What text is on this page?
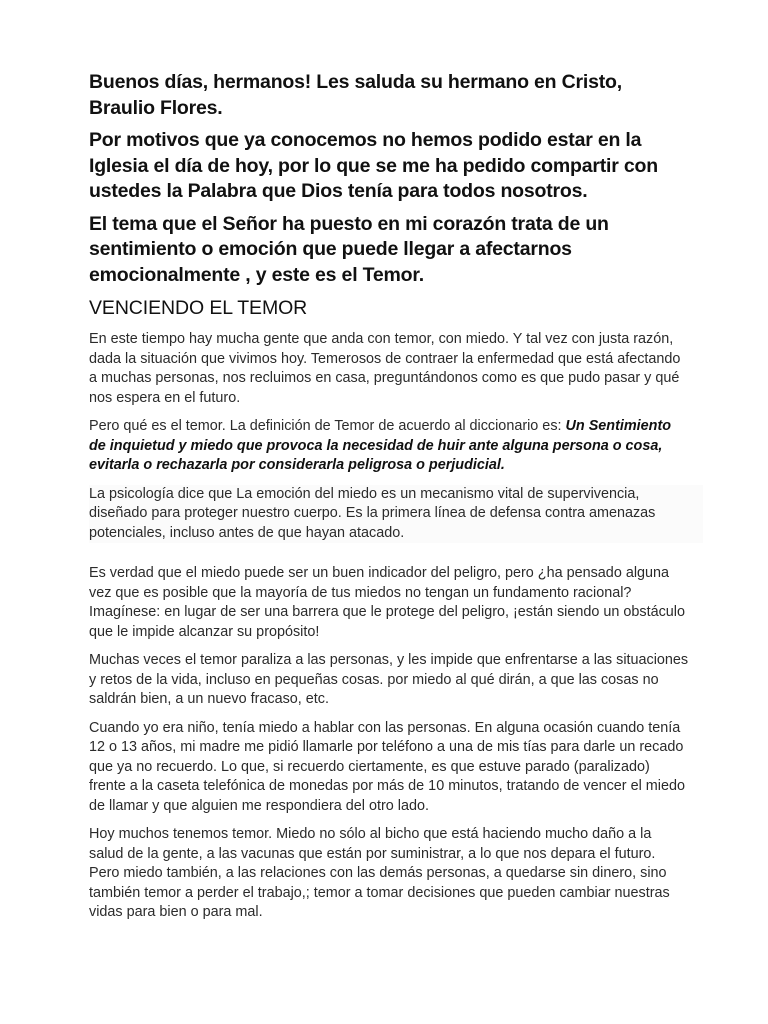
Buenos días, hermanos! Les saluda su hermano en Cristo, Braulio Flores.

Por motivos que ya conocemos no hemos podido estar en la Iglesia el día de hoy, por lo que se me ha pedido compartir con ustedes la Palabra que Dios tenía para todos nosotros.

El tema que el Señor ha puesto en mi corazón trata de un sentimiento o emoción que puede llegar a afectarnos emocionalmente , y este es el Temor.

VENCIENDO EL TEMOR

En este tiempo hay mucha gente que anda con temor, con miedo. Y tal vez con justa razón, dada la situación que vivimos hoy. Temerosos de contraer la enfermedad que está afectando a muchas personas, nos recluimos en casa, preguntándonos como es que pudo pasar y qué nos espera en el futuro.

Pero qué es el temor. La definición de Temor de acuerdo al diccionario es: Un Sentimiento de inquietud y miedo que provoca la necesidad de huir ante alguna persona o cosa, evitarla o rechazarla por considerarla peligrosa o perjudicial.

La psicología dice que La emoción del miedo es un mecanismo vital de supervivencia, diseñado para proteger nuestro cuerpo. Es la primera línea de defensa contra amenazas potenciales, incluso antes de que hayan atacado.

Es verdad que el miedo puede ser un buen indicador del peligro, pero ¿ha pensado alguna vez que es posible que la mayoría de tus miedos no tengan un fundamento racional? Imagínese: en lugar de ser una barrera que le protege del peligro, ¡están siendo un obstáculo que le impide alcanzar su propósito!

Muchas veces el temor paraliza a las personas, y les impide que enfrentarse a las situaciones y retos de la vida, incluso en pequeñas cosas. por miedo al qué dirán, a que las cosas no saldrán bien, a un nuevo fracaso, etc.

Cuando yo era niño, tenía miedo a hablar con las personas. En alguna ocasión cuando tenía 12 o 13 años, mi madre me pidió llamarle por teléfono a una de mis tías para darle un recado que ya no recuerdo. Lo que, si recuerdo ciertamente, es que estuve parado (paralizado) frente a la caseta telefónica de monedas por más de 10 minutos, tratando de vencer el miedo de llamar y que alguien me respondiera del otro lado.

Hoy muchos tenemos temor. Miedo no sólo al bicho que está haciendo mucho daño a la salud de la gente, a las vacunas que están por suministrar, a lo que nos depara el futuro. Pero miedo también, a las relaciones con las demás personas, a quedarse sin dinero, sino también temor a perder el trabajo,; temor a tomar decisiones que pueden cambiar nuestras vidas para bien o para mal.
